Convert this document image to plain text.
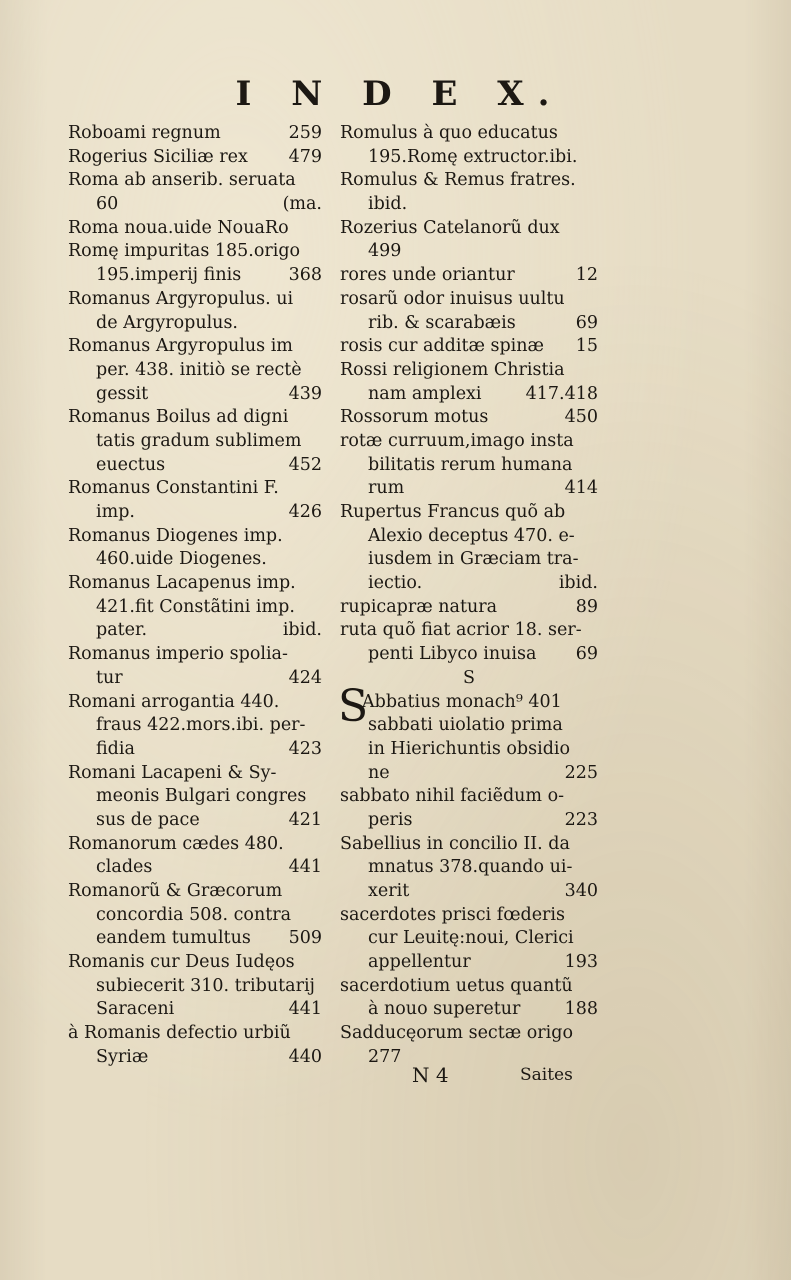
I N D E X.
Roboami regnum	259
Rogerius Siciliæ rex 479
Roma ab anserib. seruata
60	(ma.
Roma noua.uide NouaRo
Romę impuritas 185.origo
195.imperij finis	368
Romanus Argyropulus. ui
de Argyropulus.
Romanus Argyropulus im
per. 438. initiò se rectè
gessit	439
Romanus Boilus ad digni
tatis gradum sublimem
euectus	452
Romanus Constantini F.
imp.	426
Romanus Diogenes imp.
460.uide Diogenes.
Romanus Lacapenus imp.
421.fit Constãtini imp.
pater.	ibid.
Romanus imperio spolia-
tur	424
Romani arrogantia 440.
fraus 422.mors.ibi. per-
fidia	423
Romani Lacapeni & Sy-
meonis Bulgari congres
sus de pace	421
Romanorum cædes 480.
clades	441
Romanorũ & Græcorum
concordia 508. contra
eandem tumultus 509
Romanis cur Deus Iudęos
subiecerit 310. tributarij
Saraceni	441
à Romanis defectio urbiũ
Syriæ	440
Romulus à quo educatus
195.Romę extructor.ibi.
Romulus & Remus fratres.
ibid.
Rozerius Catelanorũ dux
499
rores unde oriantur	12
rosarũ odor inuisus uultu
rib. & scarabæis	69
rosis cur additæ spinæ 15
Rossi religionem Christia
nam amplexi	417.418
Rossorum motus	450
rotæ curruum,imago insta
bilitatis rerum humana
rum	414
Rupertus Francus quõ ab
Alexio deceptus 470. e-
iusdem in Græciam tra-
iectio.	ibid.
rupicapræ natura	89
ruta quõ fiat acrior 18. ser-
penti Libyco inuisa 69
S
S
Abbatius monach⁹ 401
sabbati uiolatio prima
in Hierichuntis obsidio
ne	225
sabbato nihil faciẽdum o-
peris	223
Sabellius in concilio II. da
mnatus 378.quando ui-
xerit	340
sacerdotes prisci fœderis
cur Leuitę:noui, Clerici
appellentur	193
sacerdotium uetus quantũ
à nouo superetur	188
Sadducęorum sectæ origo
277
N 4	Saites
